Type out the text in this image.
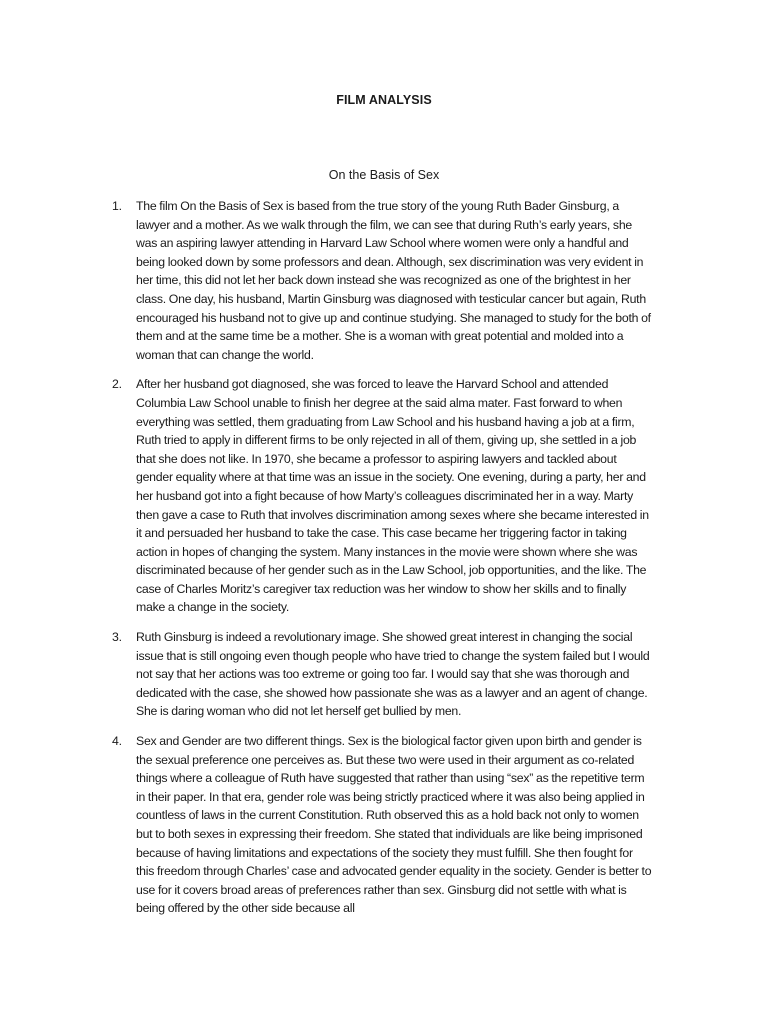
FILM ANALYSIS
On the Basis of Sex
1. The film On the Basis of Sex is based from the true story of the young Ruth Bader Ginsburg, a lawyer and a mother. As we walk through the film, we can see that during Ruth’s early years, she was an aspiring lawyer attending in Harvard Law School where women were only a handful and being looked down by some professors and dean. Although, sex discrimination was very evident in her time, this did not let her back down instead she was recognized as one of the brightest in her class. One day, his husband, Martin Ginsburg was diagnosed with testicular cancer but again, Ruth encouraged his husband not to give up and continue studying. She managed to study for the both of them and at the same time be a mother. She is a woman with great potential and molded into a woman that can change the world.
2. After her husband got diagnosed, she was forced to leave the Harvard School and attended Columbia Law School unable to finish her degree at the said alma mater. Fast forward to when everything was settled, them graduating from Law School and his husband having a job at a firm, Ruth tried to apply in different firms to be only rejected in all of them, giving up, she settled in a job that she does not like. In 1970, she became a professor to aspiring lawyers and tackled about gender equality where at that time was an issue in the society. One evening, during a party, her and her husband got into a fight because of how Marty’s colleagues discriminated her in a way. Marty then gave a case to Ruth that involves discrimination among sexes where she became interested in it and persuaded her husband to take the case. This case became her triggering factor in taking action in hopes of changing the system. Many instances in the movie were shown where she was discriminated because of her gender such as in the Law School, job opportunities, and the like. The case of Charles Moritz’s caregiver tax reduction was her window to show her skills and to finally make a change in the society.
3. Ruth Ginsburg is indeed a revolutionary image. She showed great interest in changing the social issue that is still ongoing even though people who have tried to change the system failed but I would not say that her actions was too extreme or going too far. I would say that she was thorough and dedicated with the case, she showed how passionate she was as a lawyer and an agent of change. She is daring woman who did not let herself get bullied by men.
4. Sex and Gender are two different things. Sex is the biological factor given upon birth and gender is the sexual preference one perceives as. But these two were used in their argument as co-related things where a colleague of Ruth have suggested that rather than using “sex” as the repetitive term in their paper. In that era, gender role was being strictly practiced where it was also being applied in countless of laws in the current Constitution. Ruth observed this as a hold back not only to women but to both sexes in expressing their freedom. She stated that individuals are like being imprisoned because of having limitations and expectations of the society they must fulfill. She then fought for this freedom through Charles’ case and advocated gender equality in the society. Gender is better to use for it covers broad areas of preferences rather than sex. Ginsburg did not settle with what is being offered by the other side because all
